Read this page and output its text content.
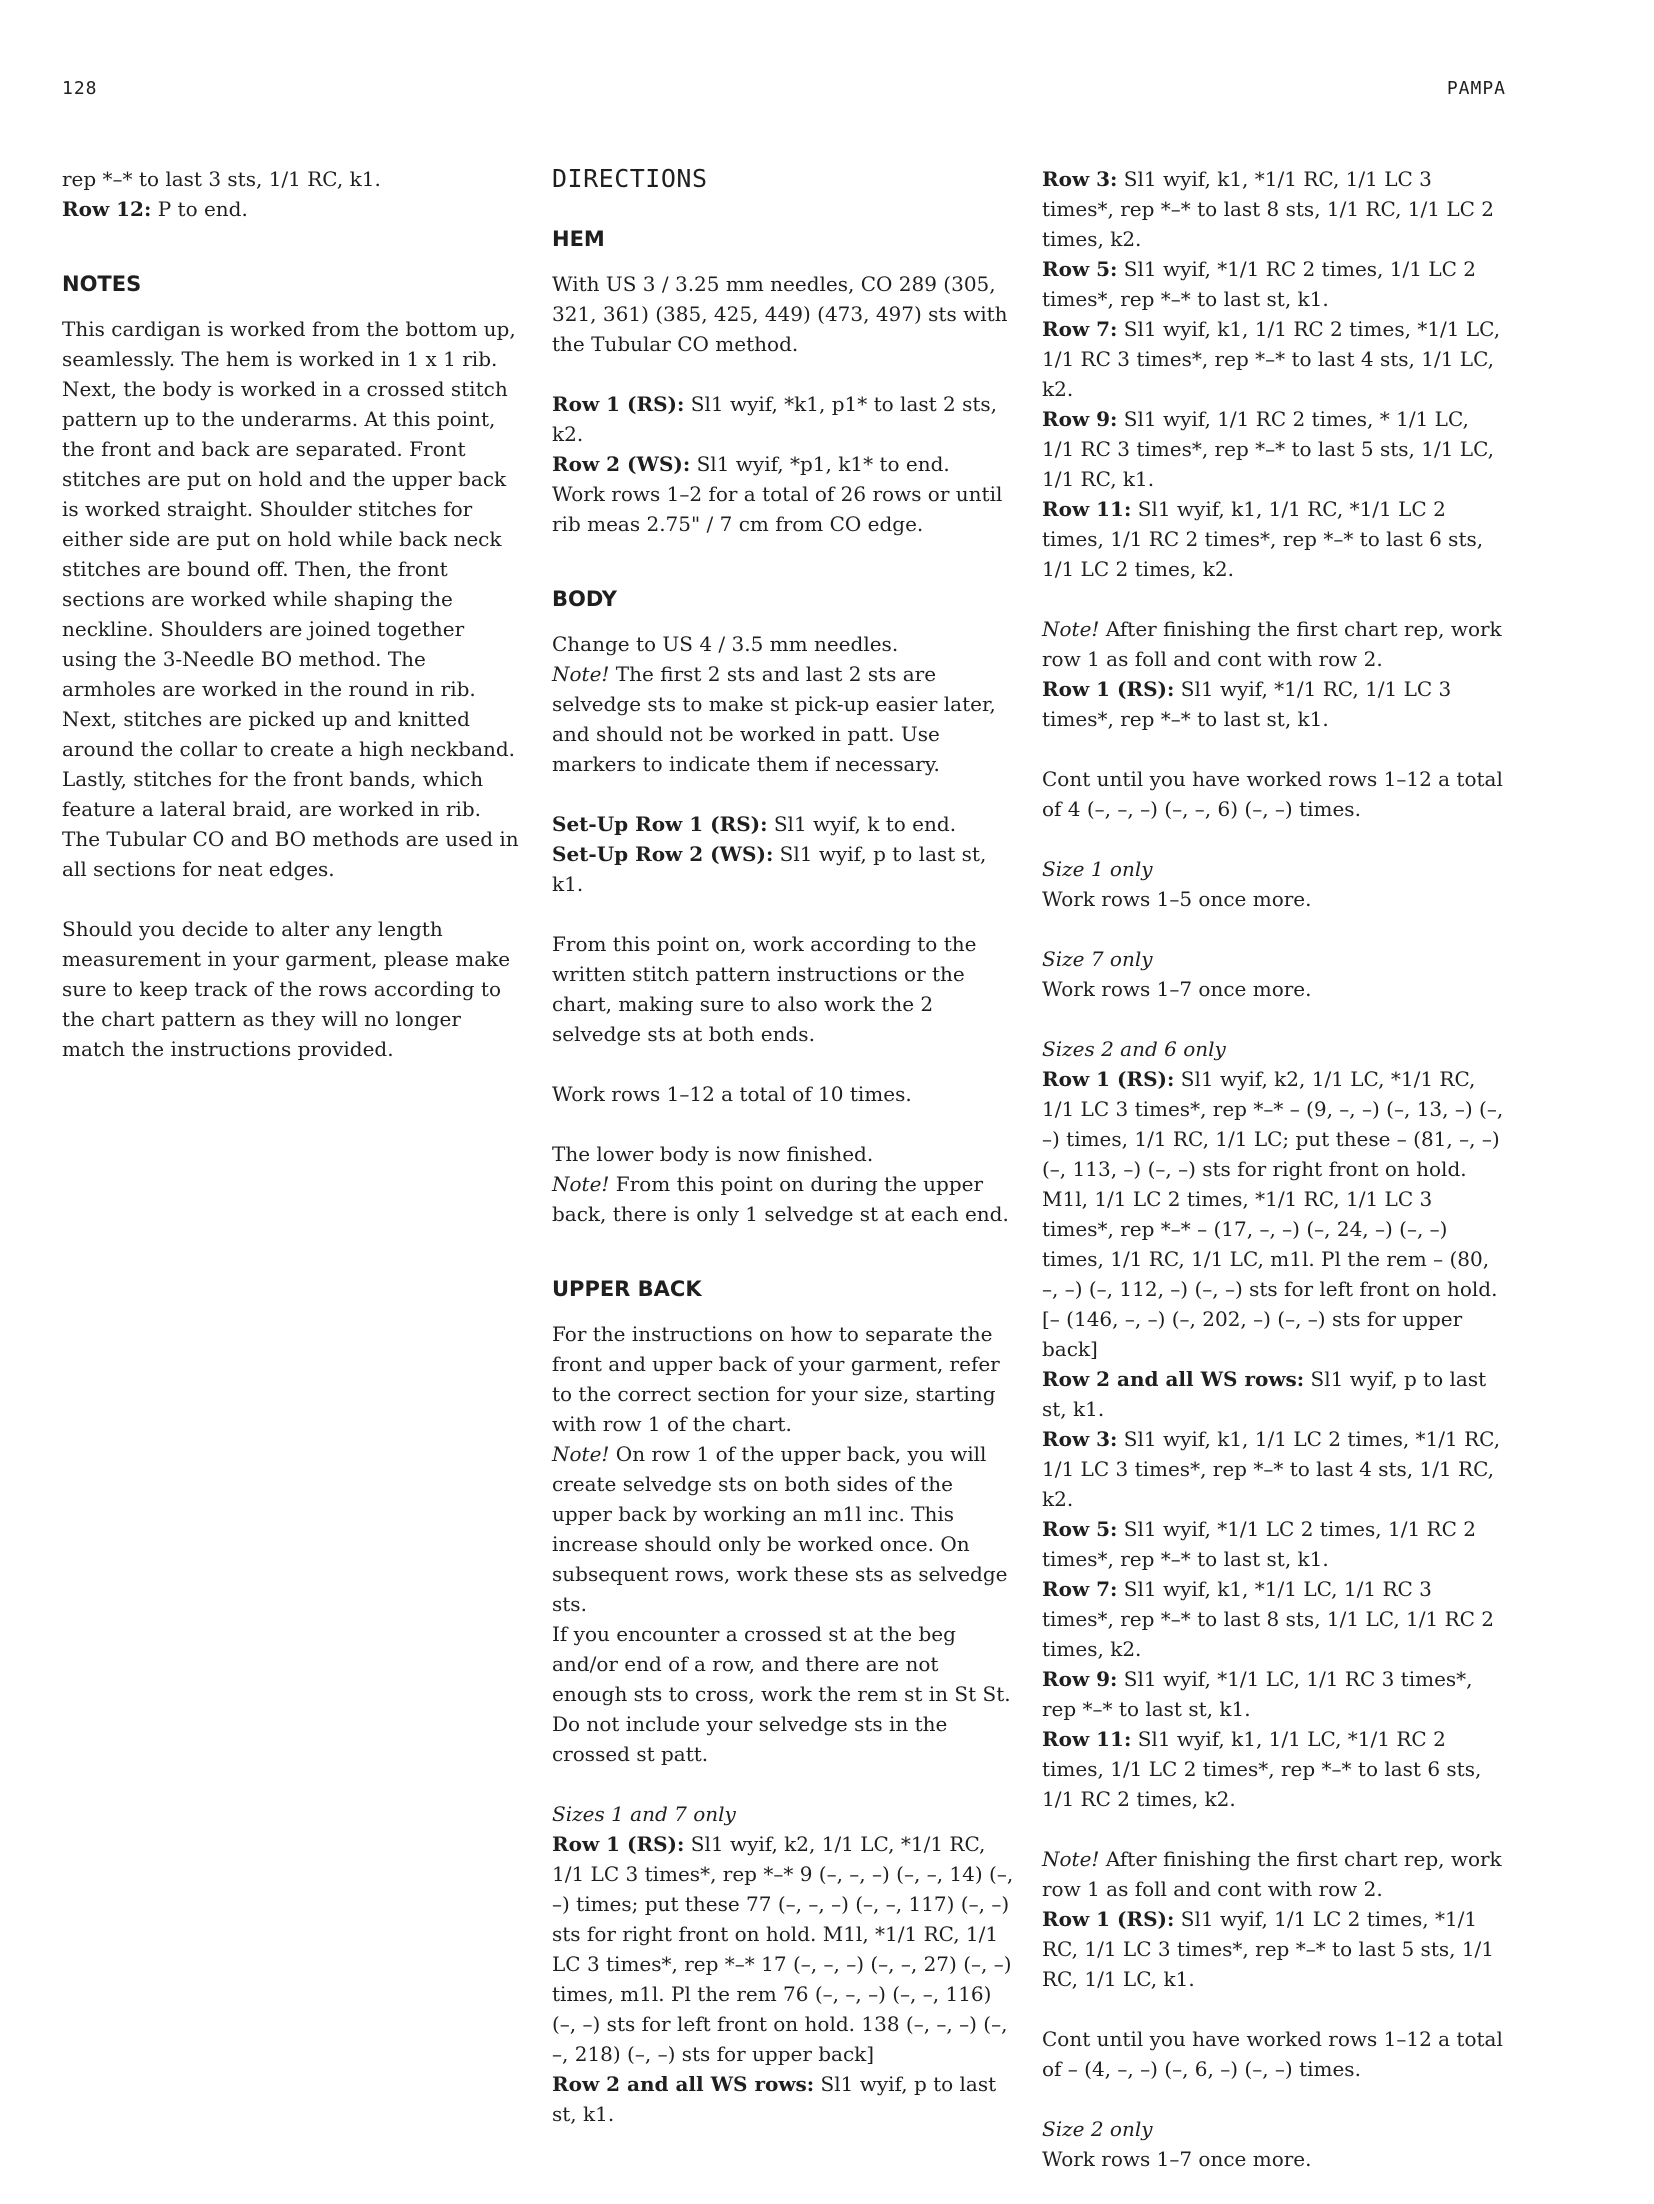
128	PAMPA

rep *–* to last 3 sts, 1/1 RC, k1.
Row 12: P to end.

NOTES

This cardigan is worked from the bottom up, seamlessly. The hem is worked in 1 x 1 rib. Next, the body is worked in a crossed stitch pattern up to the underarms. At this point, the front and back are separated. Front stitches are put on hold and the upper back is worked straight. Shoulder stitches for either side are put on hold while back neck stitches are bound off. Then, the front sections are worked while shaping the neckline. Shoulders are joined together using the 3-Needle BO method. The armholes are worked in the round in rib. Next, stitches are picked up and knitted around the collar to create a high neckband. Lastly, stitches for the front bands, which feature a lateral braid, are worked in rib. The Tubular CO and BO methods are used in all sections for neat edges.

Should you decide to alter any length measurement in your garment, please make sure to keep track of the rows according to the chart pattern as they will no longer match the instructions provided.

DIRECTIONS
HEM

With US 3 / 3.25 mm needles, CO 289 (305, 321, 361) (385, 425, 449) (473, 497) sts with the Tubular CO method.

Row 1 (RS): Sl1 wyif, *k1, p1* to last 2 sts, k2.
Row 2 (WS): Sl1 wyif, *p1, k1* to end.
Work rows 1–2 for a total of 26 rows or until rib meas 2.75" / 7 cm from CO edge.

BODY

Change to US 4 / 3.5 mm needles.
Note! The first 2 sts and last 2 sts are selvedge sts to make st pick-up easier later, and should not be worked in patt. Use markers to indicate them if necessary.

Set-Up Row 1 (RS): Sl1 wyif, k to end.
Set-Up Row 2 (WS): Sl1 wyif, p to last st, k1.

From this point on, work according to the written stitch pattern instructions or the chart, making sure to also work the 2 selvedge sts at both ends.

Work rows 1–12 a total of 10 times.

The lower body is now finished.
Note! From this point on during the upper back, there is only 1 selvedge st at each end.

UPPER BACK

For the instructions on how to separate the front and upper back of your garment, refer to the correct section for your size, starting with row 1 of the chart.
Note! On row 1 of the upper back, you will create selvedge sts on both sides of the upper back by working an m1l inc. This increase should only be worked once. On subsequent rows, work these sts as selvedge sts.
If you encounter a crossed st at the beg and/or end of a row, and there are not enough sts to cross, work the rem st in St St. Do not include your selvedge sts in the crossed st patt.

Sizes 1 and 7 only
Row 1 (RS): Sl1 wyif, k2, 1/1 LC, *1/1 RC, 1/1 LC 3 times*, rep *–* 9 (–, –, –) (–, –, 14) (–, –) times; put these 77 (–, –, –) (–, –, 117) (–, –) sts for right front on hold. M1l, *1/1 RC, 1/1 LC 3 times*, rep *–* 17 (–, –, –) (–, –, 27) (–, –) times, m1l. Pl the rem 76 (–, –, –) (–, –, 116) (–, –) sts for left front on hold. 138 (–, –, –) (–, –, 218) (–, –) sts for upper back]
Row 2 and all WS rows: Sl1 wyif, p to last st, k1.

Row 3: Sl1 wyif, k1, *1/1 RC, 1/1 LC 3 times*, rep *–* to last 8 sts, 1/1 RC, 1/1 LC 2 times, k2.
Row 5: Sl1 wyif, *1/1 RC 2 times, 1/1 LC 2 times*, rep *–* to last st, k1.
Row 7: Sl1 wyif, k1, 1/1 RC 2 times, *1/1 LC, 1/1 RC 3 times*, rep *–* to last 4 sts, 1/1 LC, k2.
Row 9: Sl1 wyif, 1/1 RC 2 times, * 1/1 LC, 1/1 RC 3 times*, rep *–* to last 5 sts, 1/1 LC, 1/1 RC, k1.
Row 11: Sl1 wyif, k1, 1/1 RC, *1/1 LC 2 times, 1/1 RC 2 times*, rep *–* to last 6 sts, 1/1 LC 2 times, k2.

Note! After finishing the first chart rep, work row 1 as foll and cont with row 2.
Row 1 (RS): Sl1 wyif, *1/1 RC, 1/1 LC 3 times*, rep *–* to last st, k1.

Cont until you have worked rows 1–12 a total of 4 (–, –, –) (–, –, 6) (–, –) times.

Size 1 only
Work rows 1–5 once more.

Size 7 only
Work rows 1–7 once more.

Sizes 2 and 6 only
Row 1 (RS): Sl1 wyif, k2, 1/1 LC, *1/1 RC, 1/1 LC 3 times*, rep *–* – (9, –, –) (–, 13, –) (–, –) times, 1/1 RC, 1/1 LC; put these – (81, –, –) (–, 113, –) (–, –) sts for right front on hold. M1l, 1/1 LC 2 times, *1/1 RC, 1/1 LC 3 times*, rep *–* – (17, –, –) (–, 24, –) (–, –) times, 1/1 RC, 1/1 LC, m1l. Pl the rem – (80, –, –) (–, 112, –) (–, –) sts for left front on hold. [– (146, –, –) (–, 202, –) (–, –) sts for upper back]
Row 2 and all WS rows: Sl1 wyif, p to last st, k1.
Row 3: Sl1 wyif, k1, 1/1 LC 2 times, *1/1 RC, 1/1 LC 3 times*, rep *–* to last 4 sts, 1/1 RC, k2.
Row 5: Sl1 wyif, *1/1 LC 2 times, 1/1 RC 2 times*, rep *–* to last st, k1.
Row 7: Sl1 wyif, k1, *1/1 LC, 1/1 RC 3 times*, rep *–* to last 8 sts, 1/1 LC, 1/1 RC 2 times, k2.
Row 9: Sl1 wyif, *1/1 LC, 1/1 RC 3 times*, rep *–* to last st, k1.
Row 11: Sl1 wyif, k1, 1/1 LC, *1/1 RC 2 times, 1/1 LC 2 times*, rep *–* to last 6 sts, 1/1 RC 2 times, k2.

Note! After finishing the first chart rep, work row 1 as foll and cont with row 2.
Row 1 (RS): Sl1 wyif, 1/1 LC 2 times, *1/1 RC, 1/1 LC 3 times*, rep *–* to last 5 sts, 1/1 RC, 1/1 LC, k1.

Cont until you have worked rows 1–12 a total of – (4, –, –) (–, 6, –) (–, –) times.

Size 2 only
Work rows 1–7 once more.
